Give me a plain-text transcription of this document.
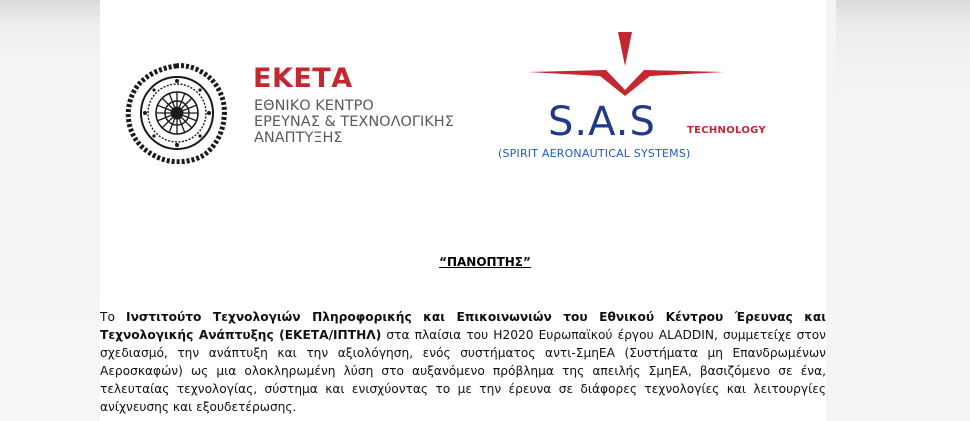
ΕΚΕΤΑ
ΕΘΝΙΚΟ ΚΕΝΤΡΟ
ΕΡΕΥΝΑΣ & ΤΕΧΝΟΛΟΓΙΚΗΣ
ΑΝΑΠΤΥΞΗΣ	S.A.S	TECHNOLOGY
(SPIRIT AERONAUTICAL SYSTEMS)
“ΠΑΝΟΠΤΗΣ”
Το Ινστιτούτο Τεχνολογιών Πληροφορικής και Επικοινωνιών του Εθνικού Κέντρου Έρευνας και Τεχνολογικής Ανάπτυξης (ΕΚΕΤΑ/ΙΠΤΗΛ) στα πλαίσια του H2020 Ευρωπαϊκού έργου ALADDIN, συμμετείχε στον σχεδιασμό, την ανάπτυξη και την αξιολόγηση, ενός συστήματος αντι-ΣμηΕΑ (Συστήματα μη Επανδρωμένων Αεροσκαφών) ως μια ολοκληρωμένη λύση στο αυξανόμενο πρόβλημα της απειλής ΣμηΕΑ, βασιζόμενο σε ένα, τελευταίας τεχνολογίας, σύστημα και ενισχύοντας το με την έρευνα σε διάφορες τεχνολογίες και λειτουργίες ανίχνευσης και εξουδετέρωσης.
